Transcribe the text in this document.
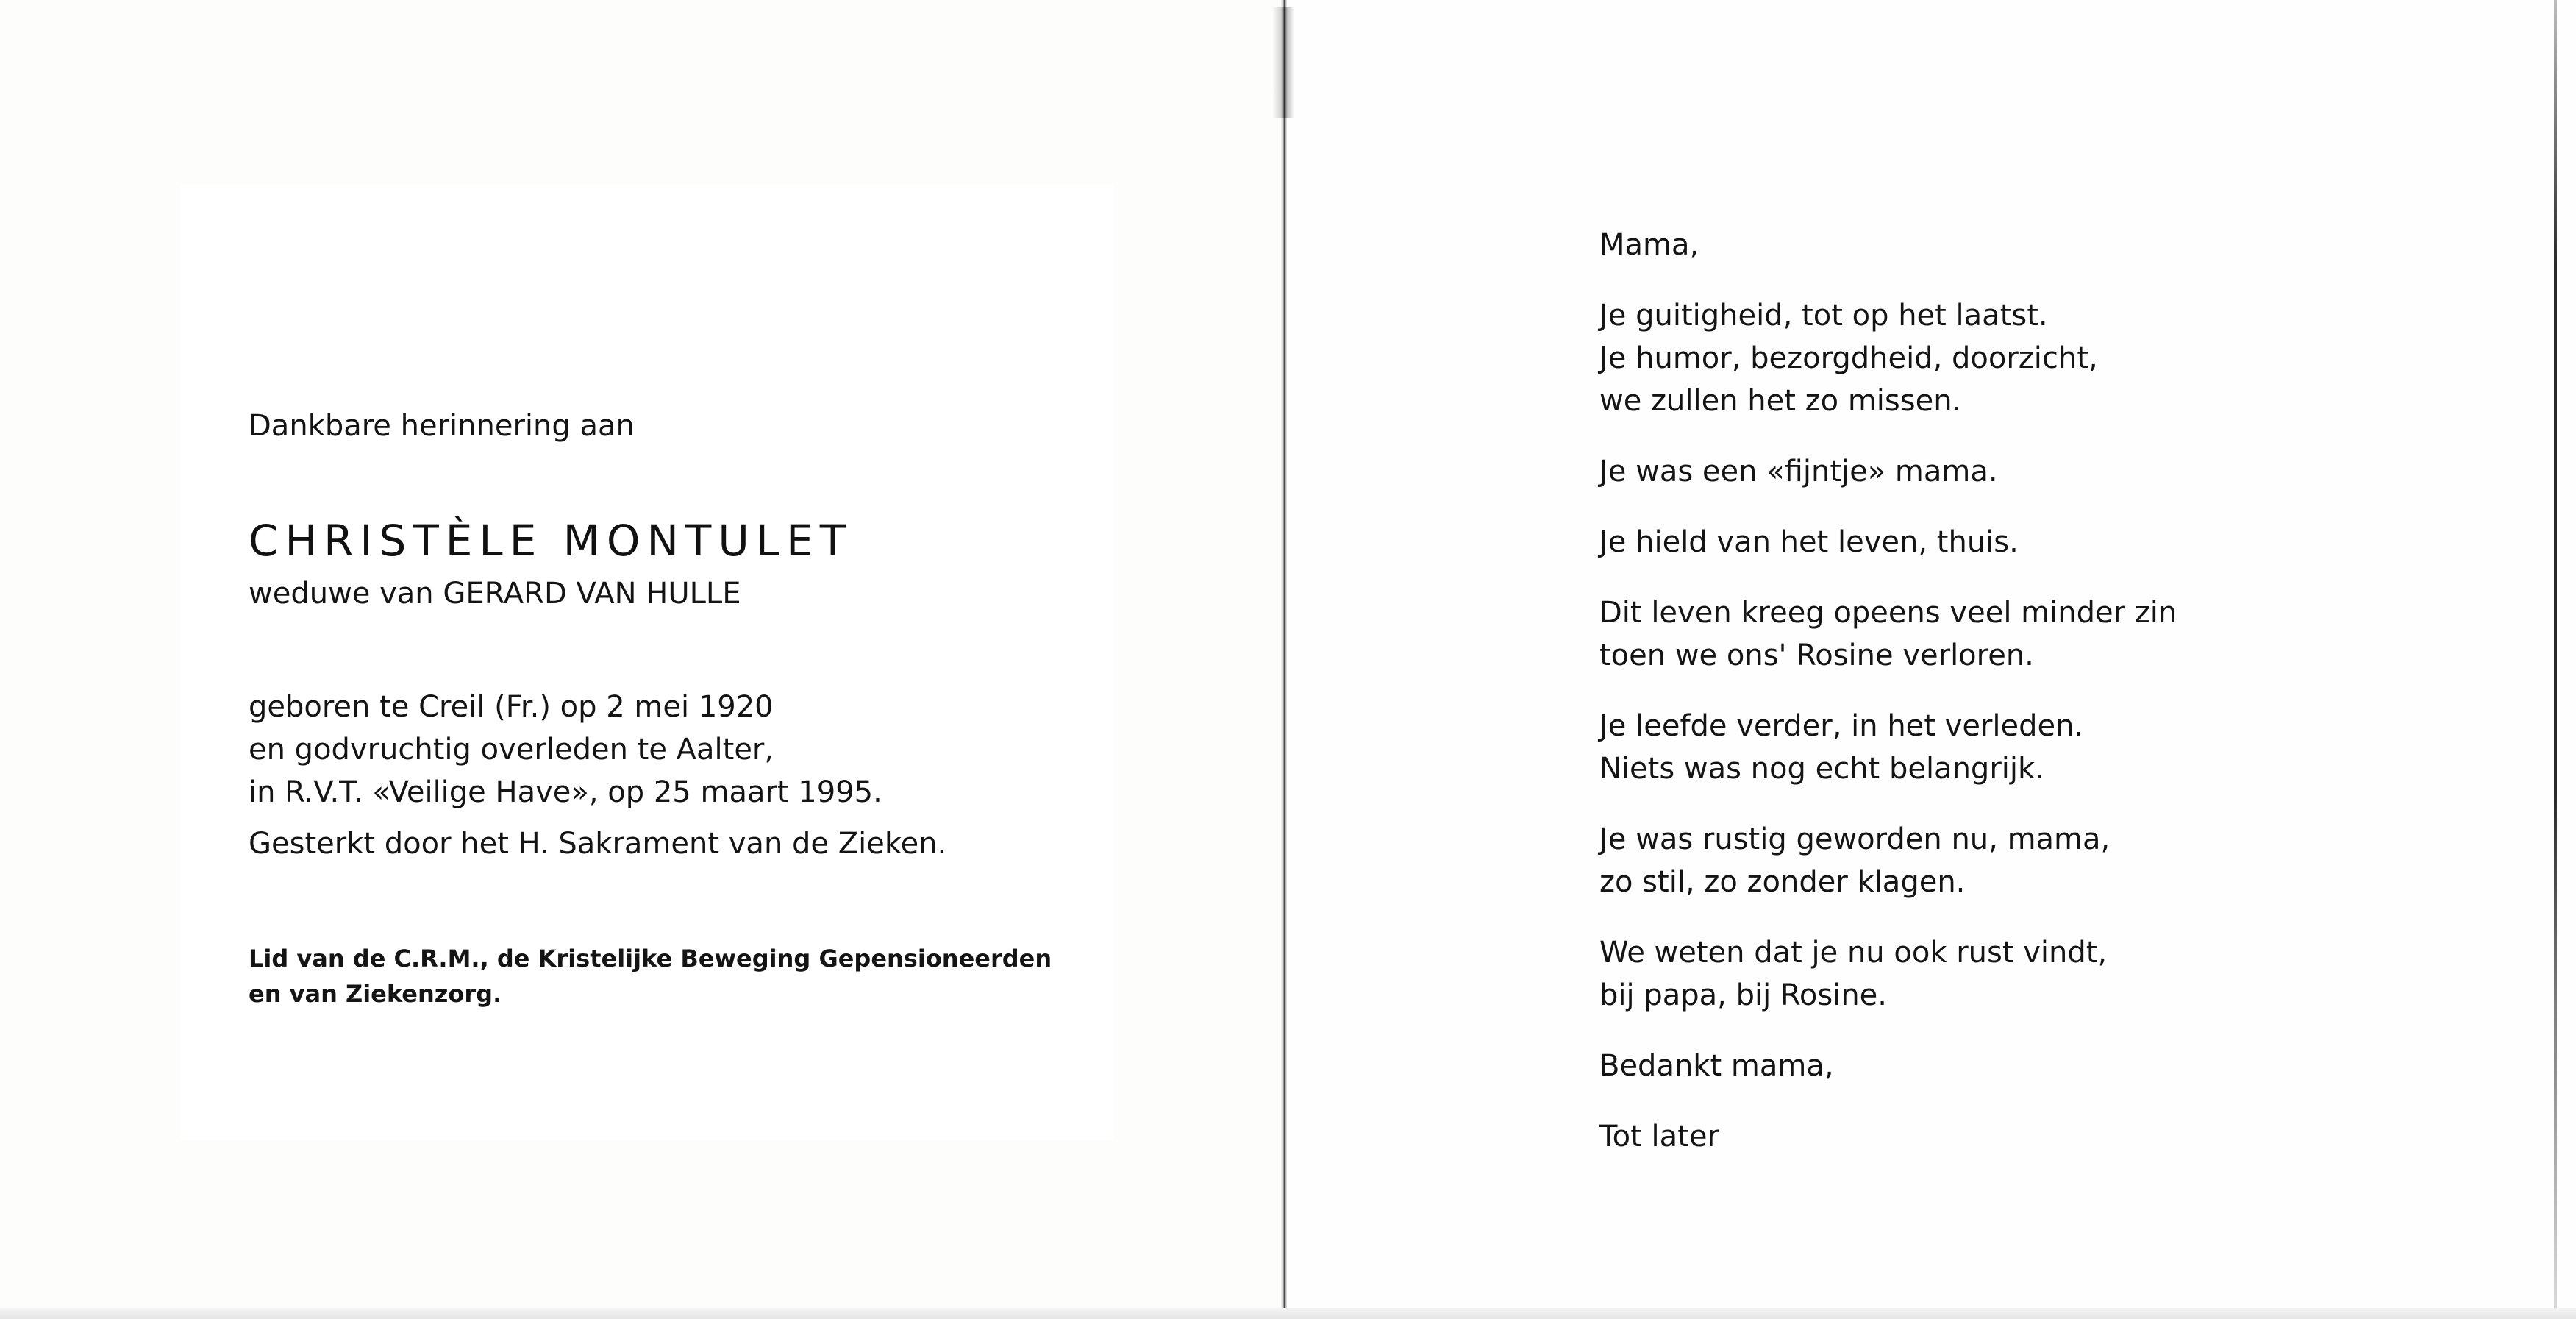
Dankbare herinnering aan
CHRISTÈLE MONTULET
weduwe van GERARD VAN HULLE
geboren te Creil (Fr.) op 2 mei 1920
en godvruchtig overleden te Aalter,
in R.V.T. «Veilige Have», op 25 maart 1995.
Gesterkt door het H. Sakrament van de Zieken.
Lid van de C.R.M., de Kristelijke Beweging Gepensioneerden
en van Ziekenzorg.
Mama,
Je guitigheid, tot op het laatst.
Je humor, bezorgdheid, doorzicht,
we zullen het zo missen.
Je was een «fijntje» mama.
Je hield van het leven, thuis.
Dit leven kreeg opeens veel minder zin
toen we ons' Rosine verloren.
Je leefde verder, in het verleden.
Niets was nog echt belangrijk.
Je was rustig geworden nu, mama,
zo stil, zo zonder klagen.
We weten dat je nu ook rust vindt,
bij papa, bij Rosine.
Bedankt mama,
Tot later
